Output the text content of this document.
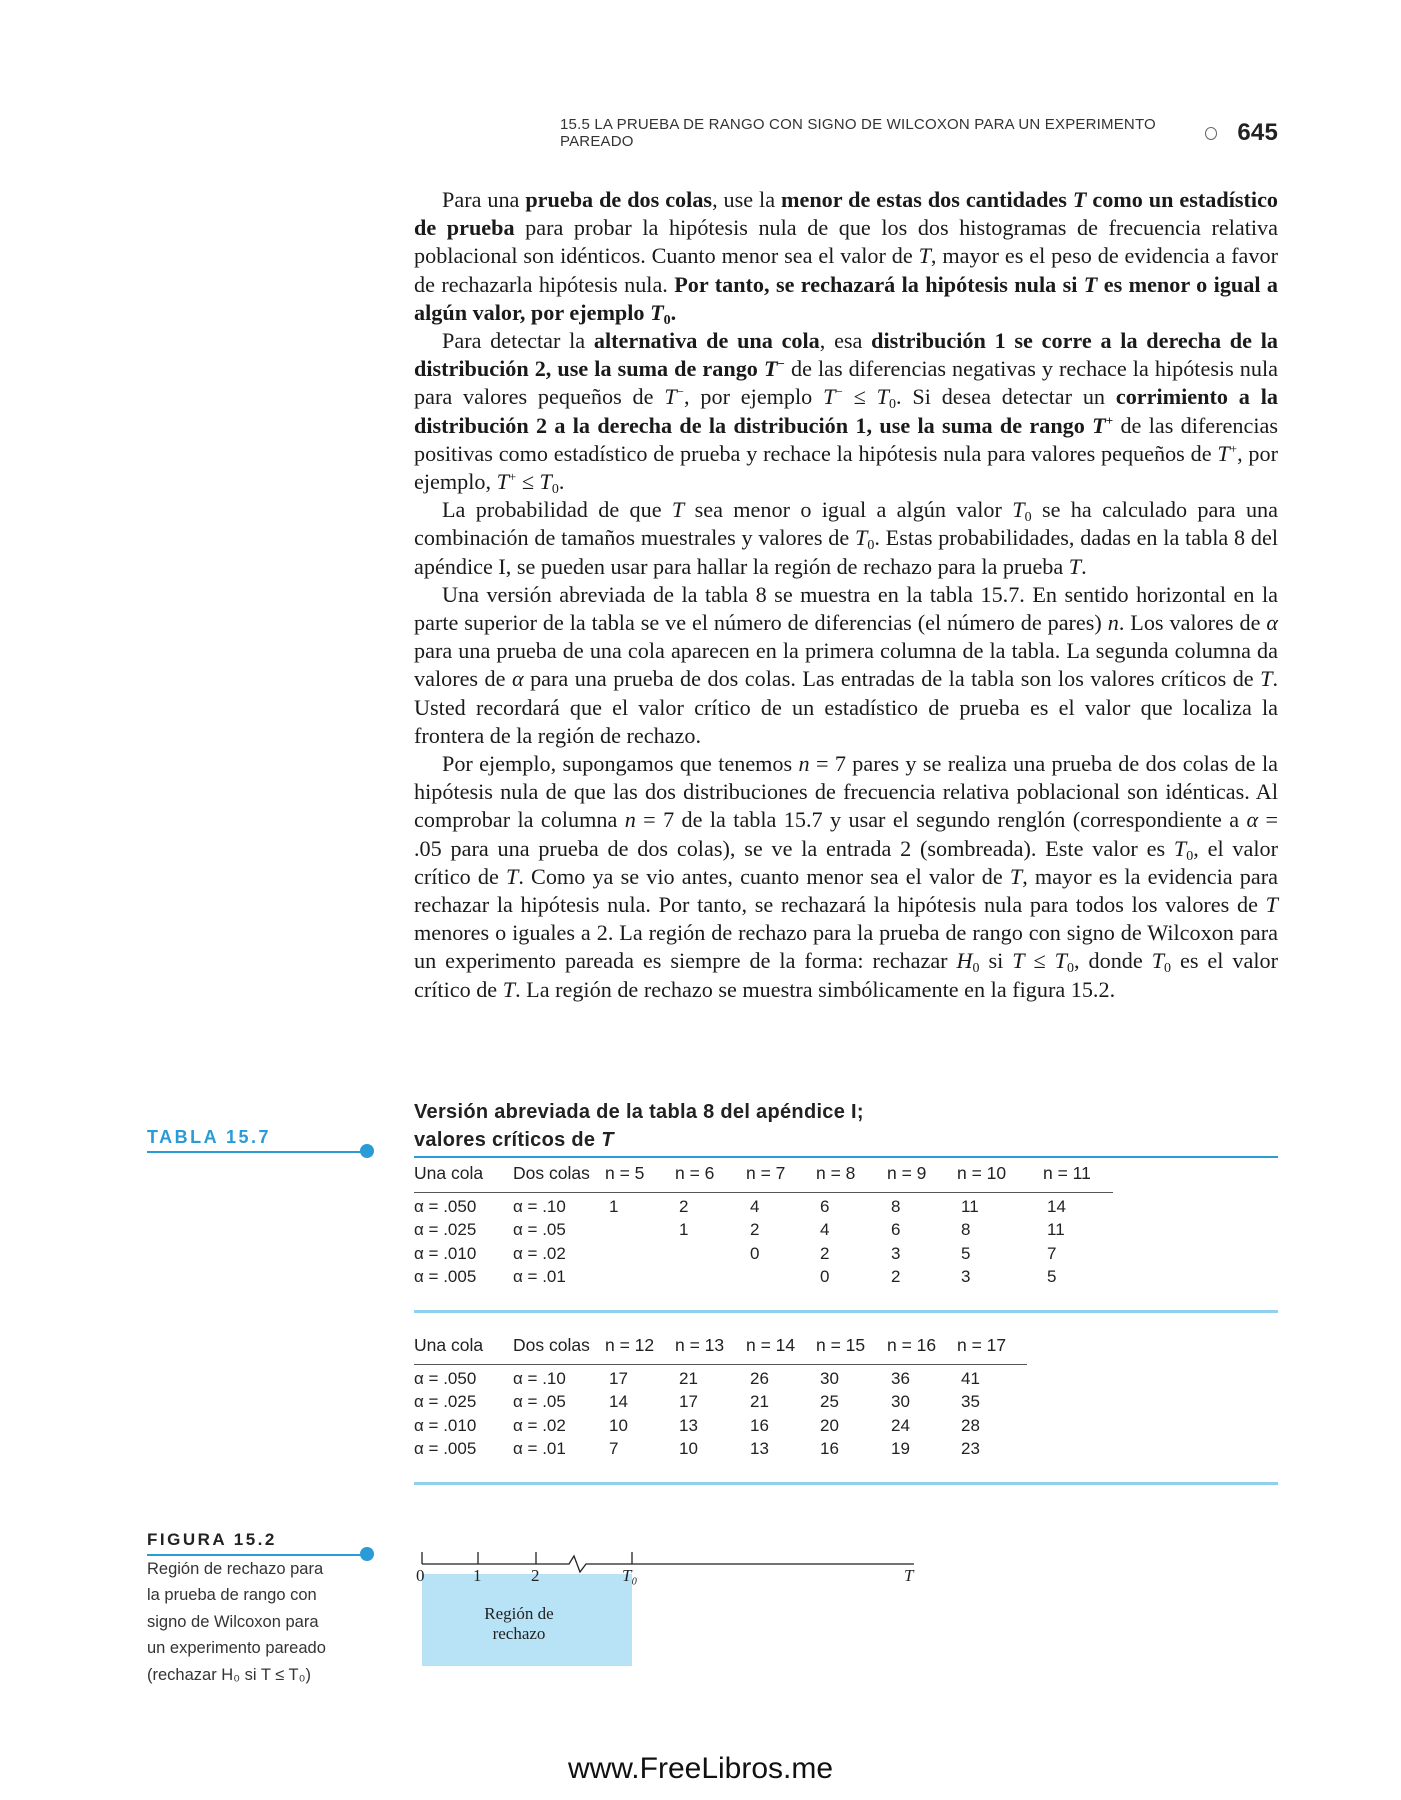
15.5 LA PRUEBA DE RANGO CON SIGNO DE WILCOXON PARA UN EXPERIMENTO PAREADO	645

Para una prueba de dos colas, use la menor de estas dos cantidades T como un estadístico de prueba para probar la hipótesis nula de que los dos histogramas de frecuencia relativa poblacional son idénticos. Cuanto menor sea el valor de T, mayor es el peso de evidencia a favor de rechazarla hipótesis nula. Por tanto, se rechazará la hipótesis nula si T es menor o igual a algún valor, por ejemplo $T_0$.

Para detectar la alternativa de una cola, esa distribución 1 se corre a la derecha de la distribución 2, use la suma de rango T− de las diferencias negativas y rechace la hipótesis nula para valores pequeños de T−, por ejemplo $T^- \le T_0$. Si desea detectar un corrimiento a la distribución 2 a la derecha de la distribución 1, use la suma de rango T+ de las diferencias positivas como estadístico de prueba y rechace la hipótesis nula para valores pequeños de T+, por ejemplo, $T^+ \le T_0$.

La probabilidad de que T sea menor o igual a algún valor $T_0$ se ha calculado para una combinación de tamaños muestrales y valores de $T_0$. Estas probabilidades, dadas en la tabla 8 del apéndice I, se pueden usar para hallar la región de rechazo para la prueba T.

Una versión abreviada de la tabla 8 se muestra en la tabla 15.7. En sentido horizontal en la parte superior de la tabla se ve el número de diferencias (el número de pares) n. Los valores de α para una prueba de una cola aparecen en la primera columna de la tabla. La segunda columna da valores de α para una prueba de dos colas. Las entradas de la tabla son los valores críticos de T. Usted recordará que el valor crítico de un estadístico de prueba es el valor que localiza la frontera de la región de rechazo.

Por ejemplo, supongamos que tenemos n = 7 pares y se realiza una prueba de dos colas de la hipótesis nula de que las dos distribuciones de frecuencia relativa poblacional son idénticas. Al comprobar la columna n = 7 de la tabla 15.7 y usar el segundo renglón (correspondiente a α = .05 para una prueba de dos colas), se ve la entrada 2 (sombreada). Este valor es $T_0$, el valor crítico de T. Como ya se vio antes, cuanto menor sea el valor de T, mayor es la evidencia para rechazar la hipótesis nula. Por tanto, se rechazará la hipótesis nula para todos los valores de T menores o iguales a 2. La región de rechazo para la prueba de rango con signo de Wilcoxon para un experimento pareada es siempre de la forma: rechazar $H_0$ si $T \le T_0$, donde $T_0$ es el valor crítico de T. La región de rechazo se muestra simbólicamente en la figura 15.2.

TABLA 15.7
Versión abreviada de la tabla 8 del apéndice I;
valores críticos de T
Una cola	Dos colas	n = 5	n = 6	n = 7	n = 8	n = 9	n = 10	n = 11
α = .050	α = .10	1	2	4	6	8	11	14
α = .025	α = .05		1	2	4	6	8	11
α = .010	α = .02			0	2	3	5	7
α = .005	α = .01				0	2	3	5
Una cola	Dos colas	n = 12	n = 13	n = 14	n = 15	n = 16	n = 17
α = .050	α = .10	17	21	26	30	36	41
α = .025	α = .05	14	17	21	25	30	35
α = .010	α = .02	10	13	16	20	24	28
α = .005	α = .01	7	10	13	16	19	23
FIGURA 15.2
Región de rechazo para
la prueba de rango con
signo de Wilcoxon para
un experimento pareado
(rechazar H₀ si T ≤ T₀)
0	1	2	T₀	T
Región de
rechazo
www.FreeLibros.me
